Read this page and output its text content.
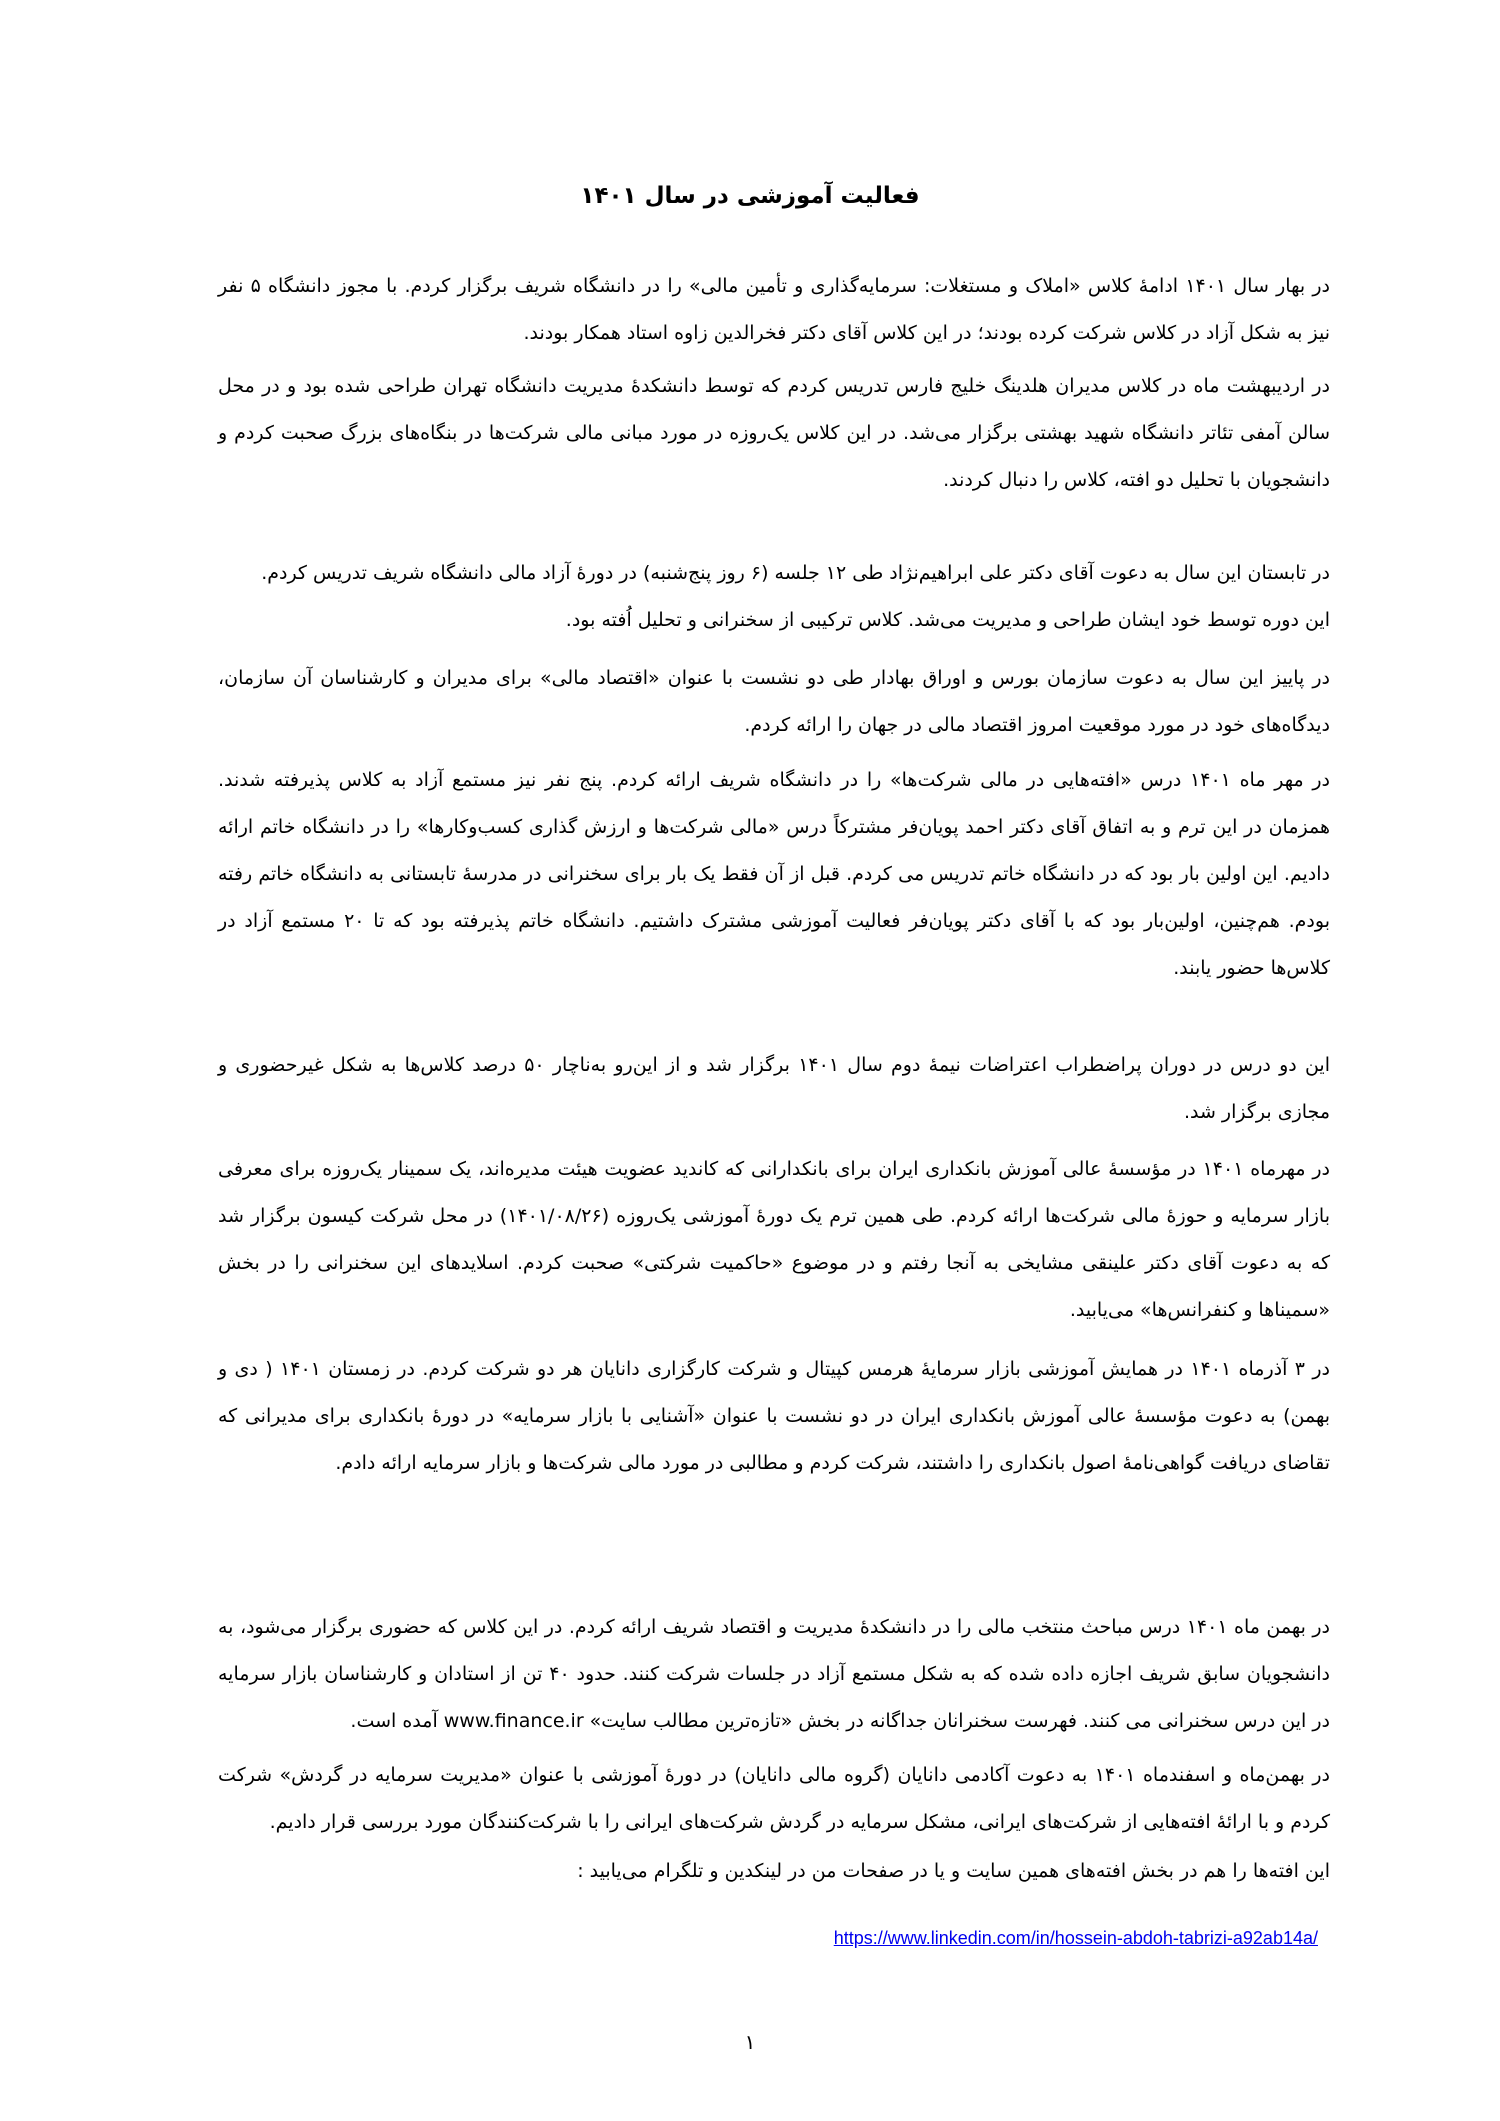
فعالیت آموزشی در سال ۱۴۰۱

در بهار سال ۱۴۰۱ ادامهٔ کلاس «املاک و مستغلات: سرمایه‌گذاری و تأمین مالی» را در دانشگاه شریف برگزار کردم. با مجوز دانشگاه ۵ نفر نیز به شکل آزاد در کلاس شرکت کرده بودند؛ در این کلاس آقای دکتر فخرالدین زاوه استاد همکار بودند.

در اردیبهشت ماه در کلاس مدیران هلدینگ خلیج فارس تدریس کردم که توسط دانشکدهٔ مدیریت دانشگاه تهران طراحی شده بود و در محل سالن آمفی تئاتر دانشگاه شهید بهشتی برگزار می‌شد. در این کلاس یک‌روزه در مورد مبانی مالی شرکت‌ها در بنگاه‌های بزرگ صحبت کردم و دانشجویان با تحلیل دو افته، کلاس را دنبال کردند.

در تابستان این سال به دعوت آقای دکتر علی ابراهیم‌نژاد طی ۱۲ جلسه (۶ روز پنج‌شنبه) در دورهٔ آزاد مالی دانشگاه شریف تدریس کردم.

این دوره توسط خود ایشان طراحی و مدیریت می‌شد. کلاس ترکیبی از سخنرانی و تحلیل اُفته بود.

در پاییز این سال به دعوت سازمان بورس و اوراق بهادار طی دو نشست با عنوان «اقتصاد مالی» برای مدیران و کارشناسان آن سازمان، دیدگاه‌های خود در مورد موقعیت امروز اقتصاد مالی در جهان را ارائه کردم.

در مهر ماه ۱۴۰۱ درس «افته‌هایی در مالی شرکت‌ها» را در دانشگاه شریف ارائه کردم. پنج نفر نیز مستمع آزاد به کلاس پذیرفته شدند. همزمان در این ترم و به اتفاق آقای دکتر احمد پویان‌فر مشترکاً درس «مالی شرکت‌ها و ارزش گذاری کسب‌وکارها» را در دانشگاه خاتم ارائه دادیم. این اولین بار بود که در دانشگاه خاتم تدریس می کردم. قبل از آن فقط یک بار برای سخنرانی در مدرسهٔ تابستانی به دانشگاه خاتم رفته بودم. هم‌چنین، اولین‌بار بود که با آقای دکتر پویان‌فر فعالیت آموزشی مشترک داشتیم. دانشگاه خاتم پذیرفته بود که تا ۲۰ مستمع آزاد در کلاس‌ها حضور یابند.

این دو درس در دوران پراضطراب اعتراضات نیمهٔ دوم سال ۱۴۰۱ برگزار شد و از این‌رو به‌ناچار ۵۰ درصد کلاس‌ها به شکل غیرحضوری و مجازی برگزار شد.

در مهرماه ۱۴۰۱ در مؤسسهٔ عالی آموزش بانکداری ایران برای بانکدارانی که کاندید عضویت هیئت مدیره‌اند، یک سمینار یک‌روزه برای معرفی بازار سرمایه و حوزهٔ مالی شرکت‌ها ارائه کردم. طی همین ترم یک دورهٔ آموزشی یک‌روزه (۱۴۰۱/۰۸/۲۶) در محل شرکت کیسون برگزار شد که به دعوت آقای دکتر علینقی مشایخی به آنجا رفتم و در موضوع «حاکمیت شرکتی» صحبت کردم. اسلایدهای این سخنرانی را در بخش «سمیناها و کنفرانس‌ها» می‌یابید.

در ۳ آذرماه ۱۴۰۱ در همایش آموزشی بازار سرمایهٔ هرمس کپیتال و شرکت کارگزاری دانایان هر دو شرکت کردم. در زمستان ۱۴۰۱ ( دی و بهمن) به دعوت مؤسسهٔ عالی آموزش بانکداری ایران در دو نشست با عنوان «آشنایی با بازار سرمایه» در دورهٔ بانکداری برای مدیرانی که تقاضای دریافت گواهی‌نامهٔ اصول بانکداری را داشتند، شرکت کردم و مطالبی در مورد مالی شرکت‌ها و بازار سرمایه ارائه دادم.

در بهمن ماه ۱۴۰۱ درس مباحث منتخب مالی را در دانشکدهٔ مدیریت و اقتصاد شریف ارائه کردم. در این کلاس که حضوری برگزار می‌شود، به دانشجویان سابق شریف اجازه داده شده که به شکل مستمع آزاد در جلسات شرکت کنند. حدود ۴۰ تن از استادان و کارشناسان بازار سرمایه در این درس سخنرانی می کنند. فهرست سخنرانان جداگانه در بخش «تازه‌ترین مطالب سایت» www.finance.ir آمده است.

در بهمن‌ماه و اسفندماه ۱۴۰۱ به دعوت آکادمی دانایان (گروه مالی دانایان) در دورهٔ آموزشی با عنوان «مدیریت سرمایه در گردش» شرکت کردم و با ارائهٔ افته‌هایی از شرکت‌های ایرانی، مشکل سرمایه در گردش شرکت‌های ایرانی را با شرکت‌کنندگان مورد بررسی قرار دادیم.

این افته‌ها را هم در بخش افته‌های همین سایت و یا در صفحات من در لینکدین و تلگرام می‌یابید :

https://www.linkedin.com/in/hossein-abdoh-tabrizi-a92ab14a/
۱
